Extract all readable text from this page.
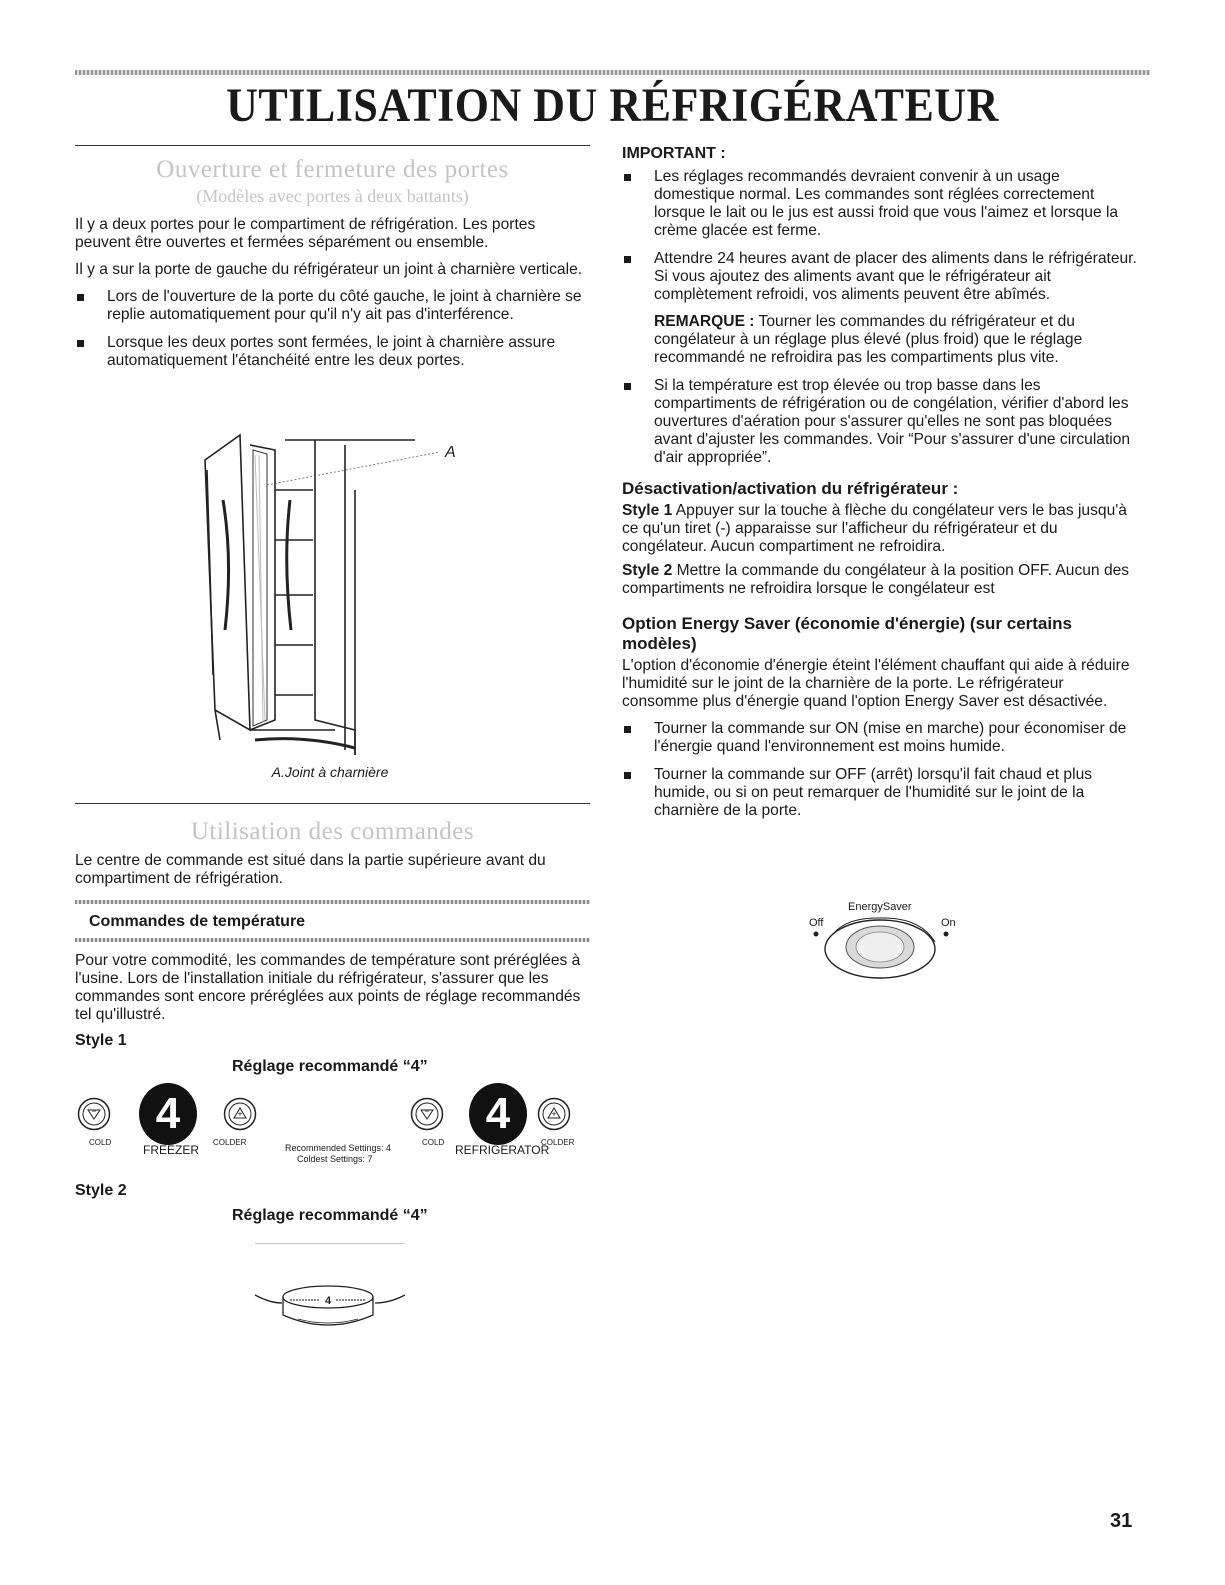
UTILISATION DU RÉFRIGÉRATEUR
Ouverture et fermeture des portes
(Modèles avec portes à deux battants)

Il y a deux portes pour le compartiment de réfrigération. Les portes peuvent être ouvertes et fermées séparément ou ensemble.

Il y a sur la porte de gauche du réfrigérateur un joint à charnière verticale.

Lors de l'ouverture de la porte du côté gauche, le joint à charnière se replie automatiquement pour qu'il n'y ait pas d'interférence.
Lorsque les deux portes sont fermées, le joint à charnière assure automatiquement l'étanchéité entre les deux portes.
A
A.Joint à charnière
Utilisation des commandes

Le centre de commande est situé dans la partie supérieure avant du compartiment de réfrigération.

Commandes de température

Pour votre commodité, les commandes de température sont préréglées à l'usine. Lors de l'installation initiale du réfrigérateur, s'assurer que les commandes sont encore préréglées aux points de réglage recommandés tel qu'illustré.

Style 1
Réglage recommandé “4”
−	4	+
COLD
FREEZER
COLDER
Recommended Settings: 4
Coldest Settings: 7
−	4	+
COLD
REFRIGERATOR
COLDER
Style 2
Réglage recommandé “4”
4
IMPORTANT :
Les réglages recommandés devraient convenir à un usage domestique normal. Les commandes sont réglées correctement lorsque le lait ou le jus est aussi froid que vous l'aimez et lorsque la crème glacée est ferme.
Attendre 24 heures avant de placer des aliments dans le réfrigérateur. Si vous ajoutez des aliments avant que le réfrigérateur ait complètement refroidi, vos aliments peuvent être abîmés.
REMARQUE : Tourner les commandes du réfrigérateur et du congélateur à un réglage plus élevé (plus froid) que le réglage recommandé ne refroidira pas les compartiments plus vite.
Si la température est trop élevée ou trop basse dans les compartiments de réfrigération ou de congélation, vérifier d'abord les ouvertures d'aération pour s'assurer qu'elles ne sont pas bloquées avant d'ajuster les commandes. Voir “Pour s'assurer d'une circulation d'air appropriée”.
Désactivation/activation du réfrigérateur :

Style 1 Appuyer sur la touche à flèche du congélateur vers le bas jusqu'à ce qu'un tiret (-) apparaisse sur l'afficheur du réfrigérateur et du congélateur. Aucun compartiment ne refroidira.

Style 2 Mettre la commande du congélateur à la position OFF. Aucun des compartiments ne refroidira lorsque le congélateur est

Option Energy Saver (économie d'énergie) (sur certains modèles)

L'option d'économie d'énergie éteint l'élément chauffant qui aide à réduire l'humidité sur le joint de la charnière de la porte. Le réfrigérateur consomme plus d'énergie quand l'option Energy Saver est désactivée.

Tourner la commande sur ON (mise en marche) pour économiser de l'énergie quand l'environnement est moins humide.
Tourner la commande sur OFF (arrêt) lorsqu'il fait chaud et plus humide, ou si on peut remarquer de l'humidité sur le joint de la charnière de la porte.
EnergySaver
Off	On
31
